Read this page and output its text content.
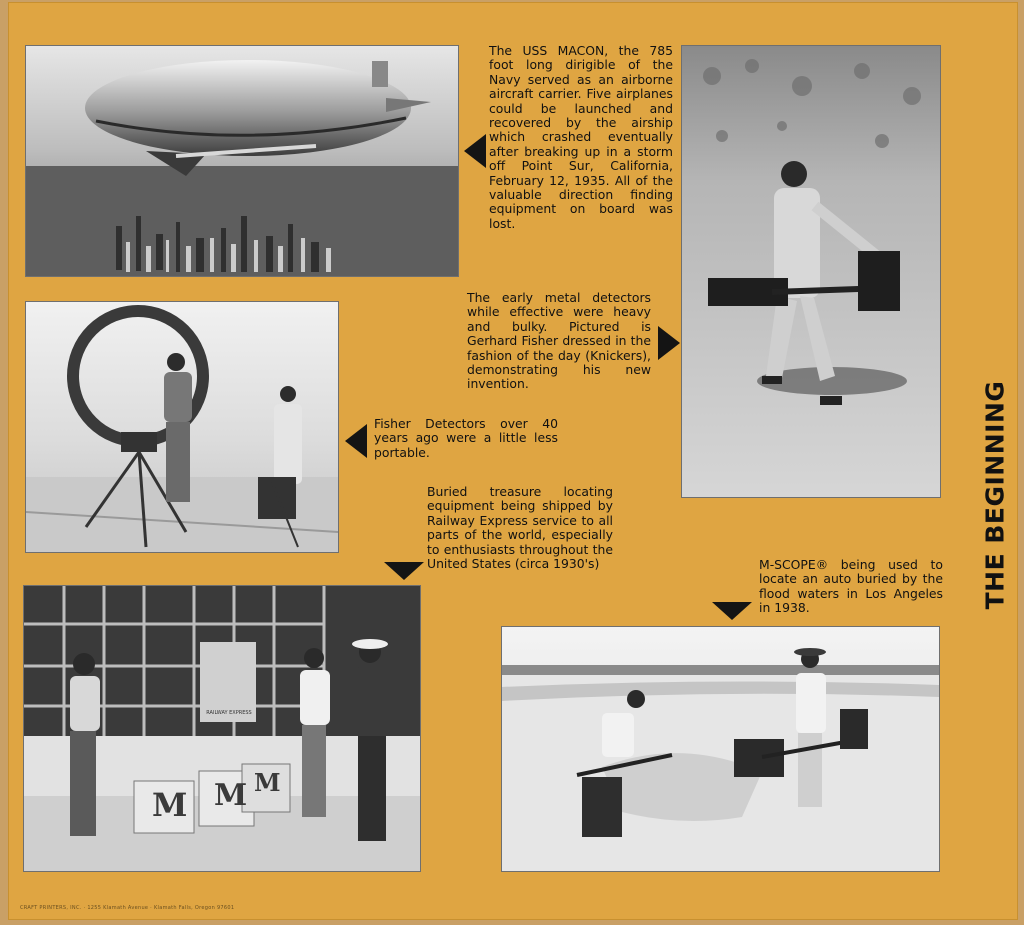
The USS MACON, the 785 foot long dirigible of the Navy served as an airborne aircraft carrier. Five airplanes could be launched and recovered by the airship which crashed eventually after breaking up in a storm off Point Sur, California, February 12, 1935. All of the valuable direction finding equipment on board was lost.
The early metal detectors while effective were heavy and bulky. Pictured is Gerhard Fisher dressed in the fashion of the day (Knickers), demonstrating his new invention.
Fisher Detectors over 40 years ago were a little less portable.
Buried treasure locating equipment being shipped by Railway Express service to all parts of the world, especially to enthusiasts throughout the United States (circa 1930's)
RAILWAY EXPRESS
M M M
M-SCOPE® being used to locate an auto buried by the flood waters in Los Angeles in 1938.	THE BEGINNING
CRAFT PRINTERS, INC. · 1255 Klamath Avenue · Klamath Falls, Oregon 97601
